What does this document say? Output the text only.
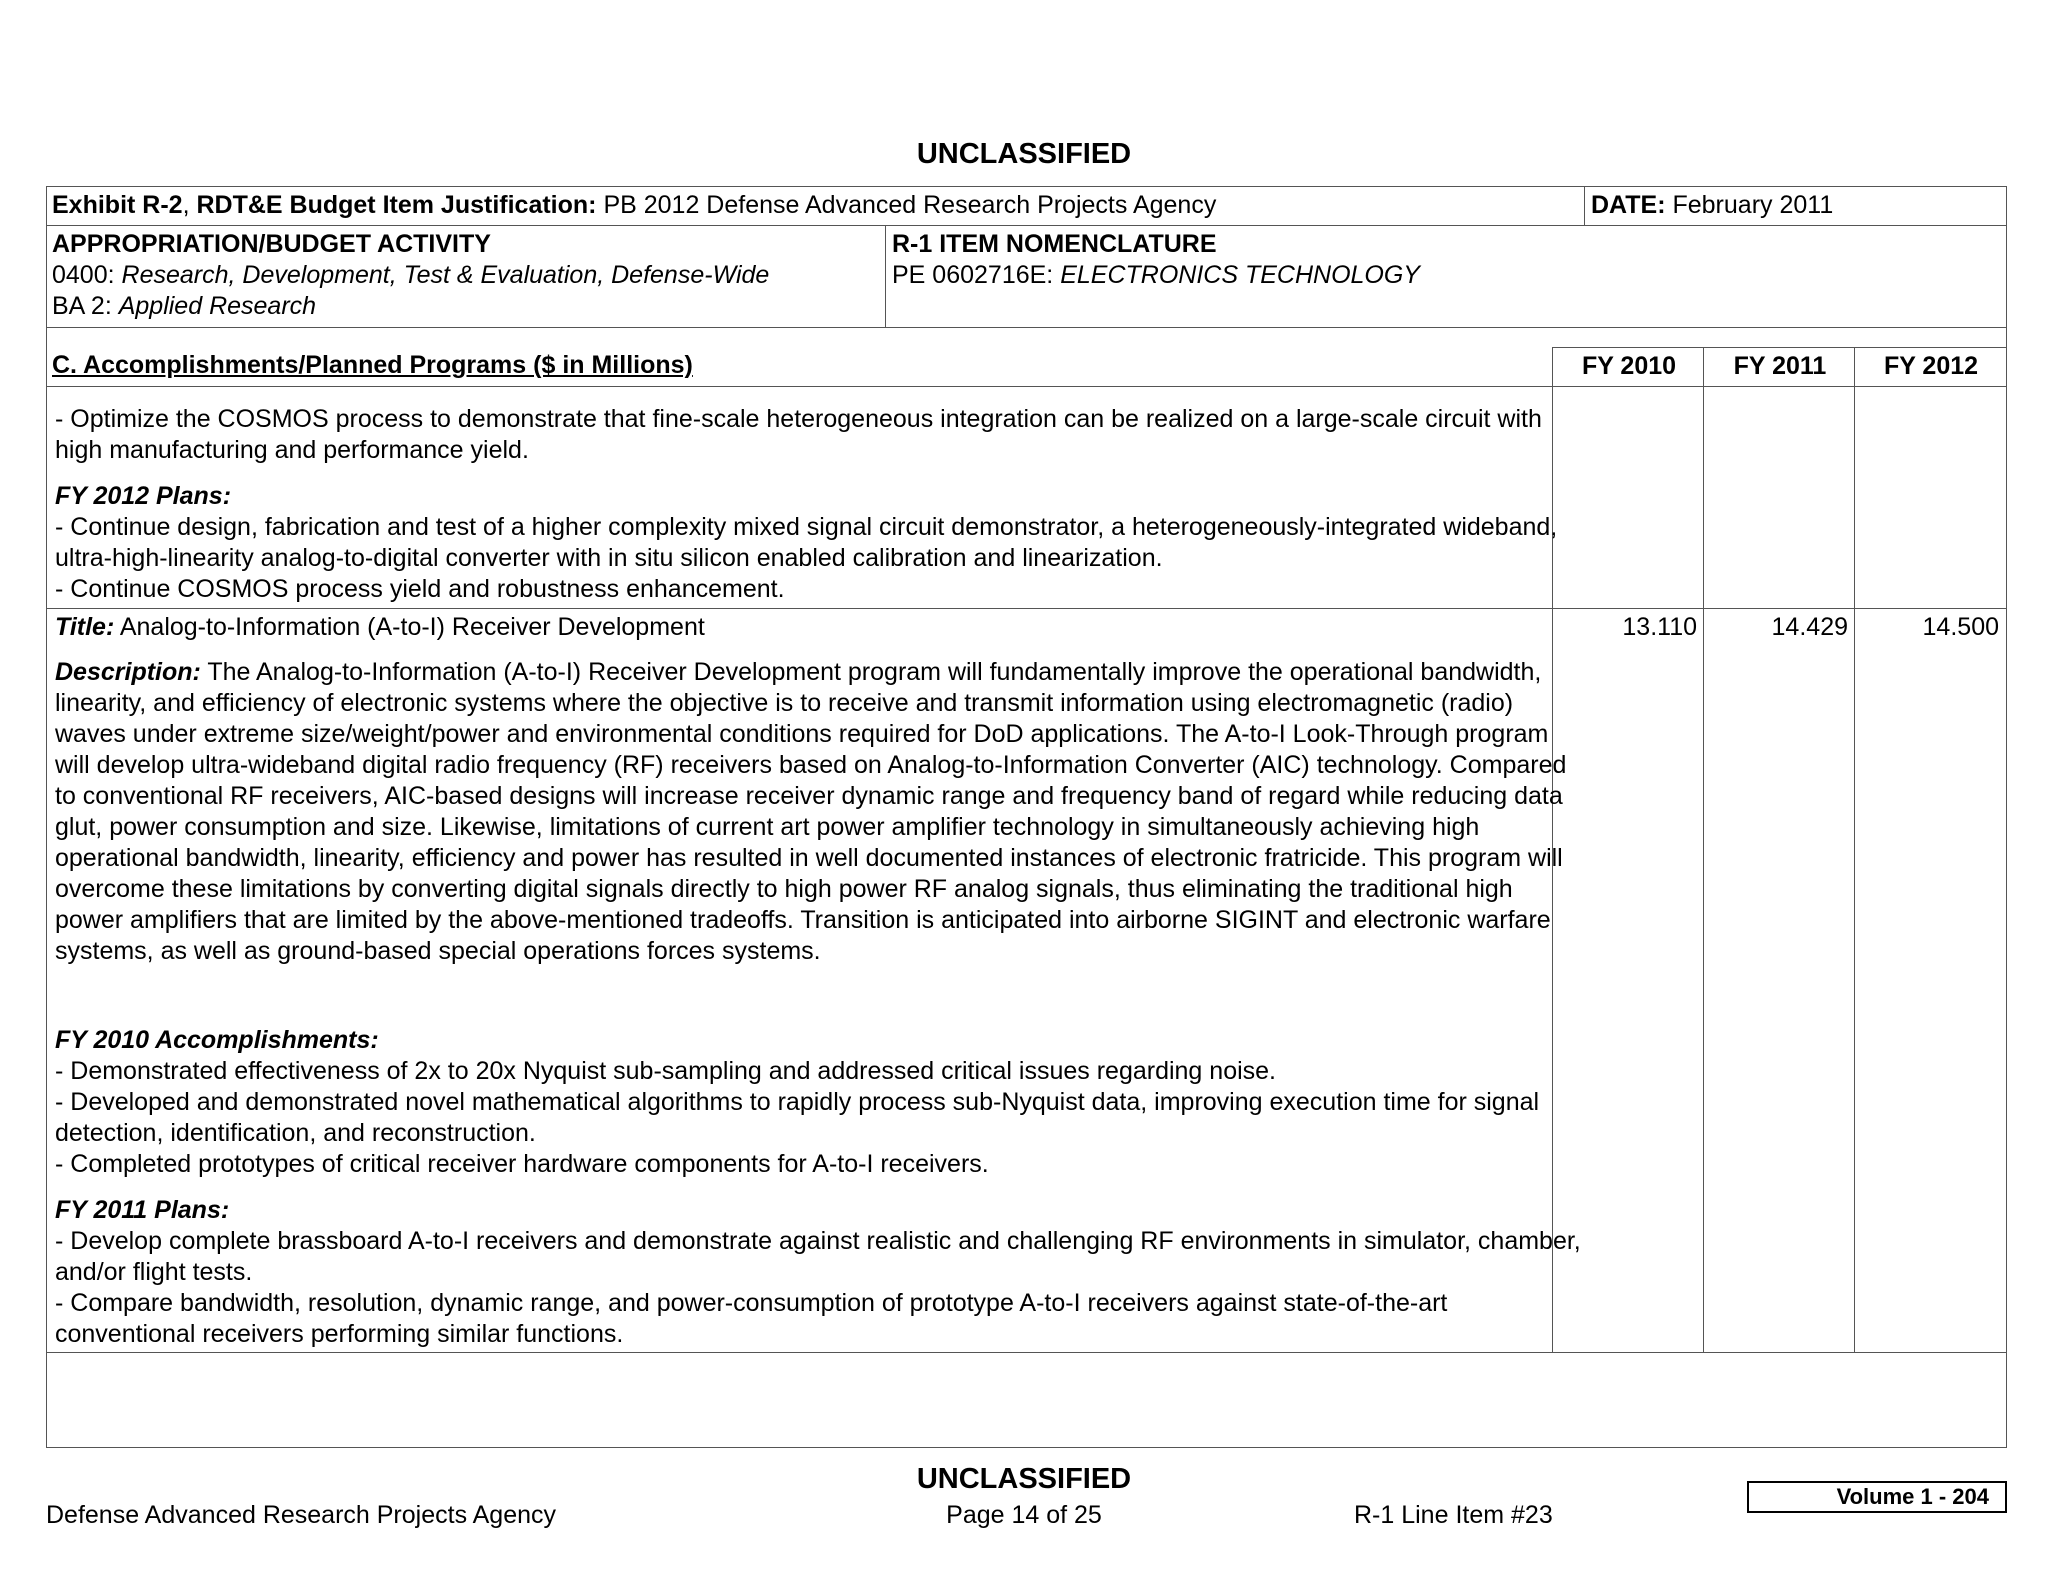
UNCLASSIFIED
Exhibit R-2, RDT&E Budget Item Justification: PB 2012 Defense Advanced Research Projects Agency	DATE: February 2011
APPROPRIATION/BUDGET ACTIVITY
0400: Research, Development, Test & Evaluation, Defense-Wide
BA 2: Applied Research
R-1 ITEM NOMENCLATURE
PE 0602716E: ELECTRONICS TECHNOLOGY
C. Accomplishments/Planned Programs ($ in Millions)	FY 2010	FY 2011	FY 2012
- Optimize the COSMOS process to demonstrate that fine-scale heterogeneous integration can be realized on a large-scale circuit with high manufacturing and performance yield.
FY 2012 Plans:

- Continue design, fabrication and test of a higher complexity mixed signal circuit demonstrator, a heterogeneously-integrated wideband, ultra-high-linearity analog-to-digital converter with in situ silicon enabled calibration and linearization.

- Continue COSMOS process yield and robustness enhancement.

Title: Analog-to-Information (A-to-I) Receiver Development	13.110	14.429	14.500
Description: The Analog-to-Information (A-to-I) Receiver Development program will fundamentally improve the operational bandwidth, linearity, and efficiency of electronic systems where the objective is to receive and transmit information using electromagnetic (radio) waves under extreme size/weight/power and environmental conditions required for DoD applications. The A-to-I Look-Through program will develop ultra-wideband digital radio frequency (RF) receivers based on Analog-to-Information Converter (AIC) technology. Compared to conventional RF receivers, AIC-based designs will increase receiver dynamic range and frequency band of regard while reducing data glut, power consumption and size. Likewise, limitations of current art power amplifier technology in simultaneously achieving high operational bandwidth, linearity, efficiency and power has resulted in well documented instances of electronic fratricide. This program will overcome these limitations by converting digital signals directly to high power RF analog signals, thus eliminating the traditional high power amplifiers that are limited by the above-mentioned tradeoffs. Transition is anticipated into airborne SIGINT and electronic warfare systems, as well as ground-based special operations forces systems.
FY 2010 Accomplishments:

- Demonstrated effectiveness of 2x to 20x Nyquist sub-sampling and addressed critical issues regarding noise.

- Developed and demonstrated novel mathematical algorithms to rapidly process sub-Nyquist data, improving execution time for signal detection, identification, and reconstruction.

- Completed prototypes of critical receiver hardware components for A-to-I receivers.

FY 2011 Plans:

- Develop complete brassboard A-to-I receivers and demonstrate against realistic and challenging RF environments in simulator, chamber, and/or flight tests.

- Compare bandwidth, resolution, dynamic range, and power-consumption of prototype A-to-I receivers against state-of-the-art conventional receivers performing similar functions.

UNCLASSIFIED
Defense Advanced Research Projects Agency	Page 14 of 25	R-1 Line Item #23
Volume 1 - 204
